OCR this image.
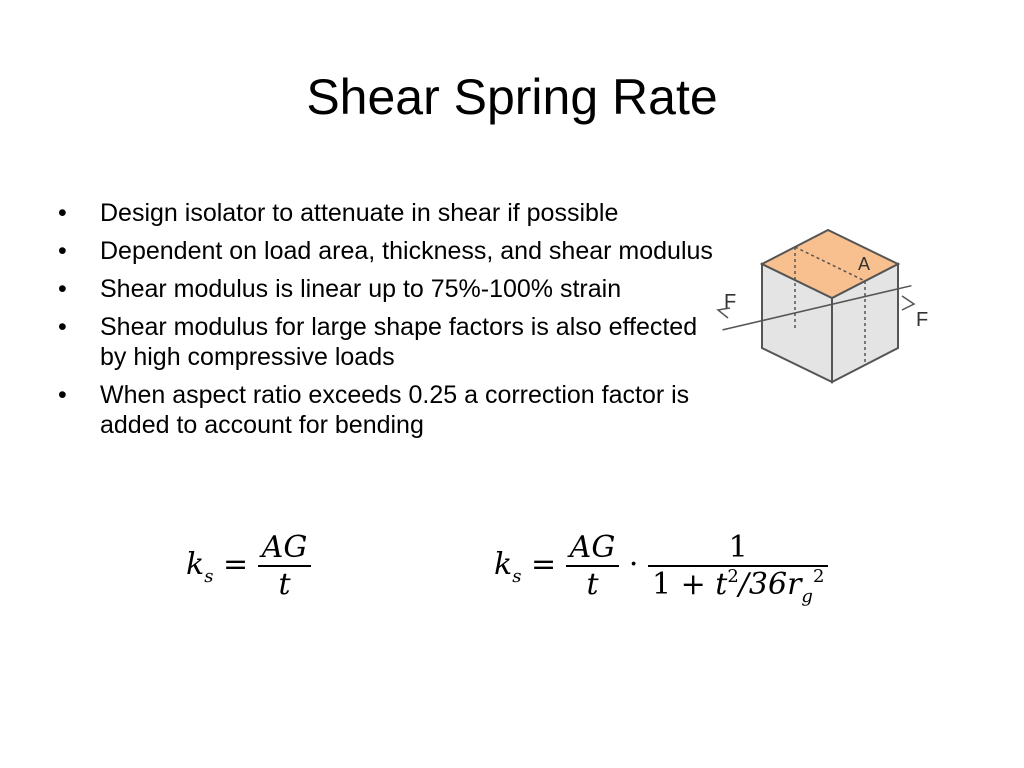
Shear Spring Rate
•	Design isolator to attenuate in shear if possible
•	Dependent on load area, thickness, and shear modulus
•	Shear modulus is linear up to 75%-100% strain
•	Shear modulus for large shape factors is also effected by high compressive loads
•	When aspect ratio exceeds 0.25 a correction factor is added to account for bending
A
F
F
$k_s = \frac{AG}{t}$	$k_s = \frac{AG}{t} \cdot \frac{1}{1 + t^2/36r_g^2}$
